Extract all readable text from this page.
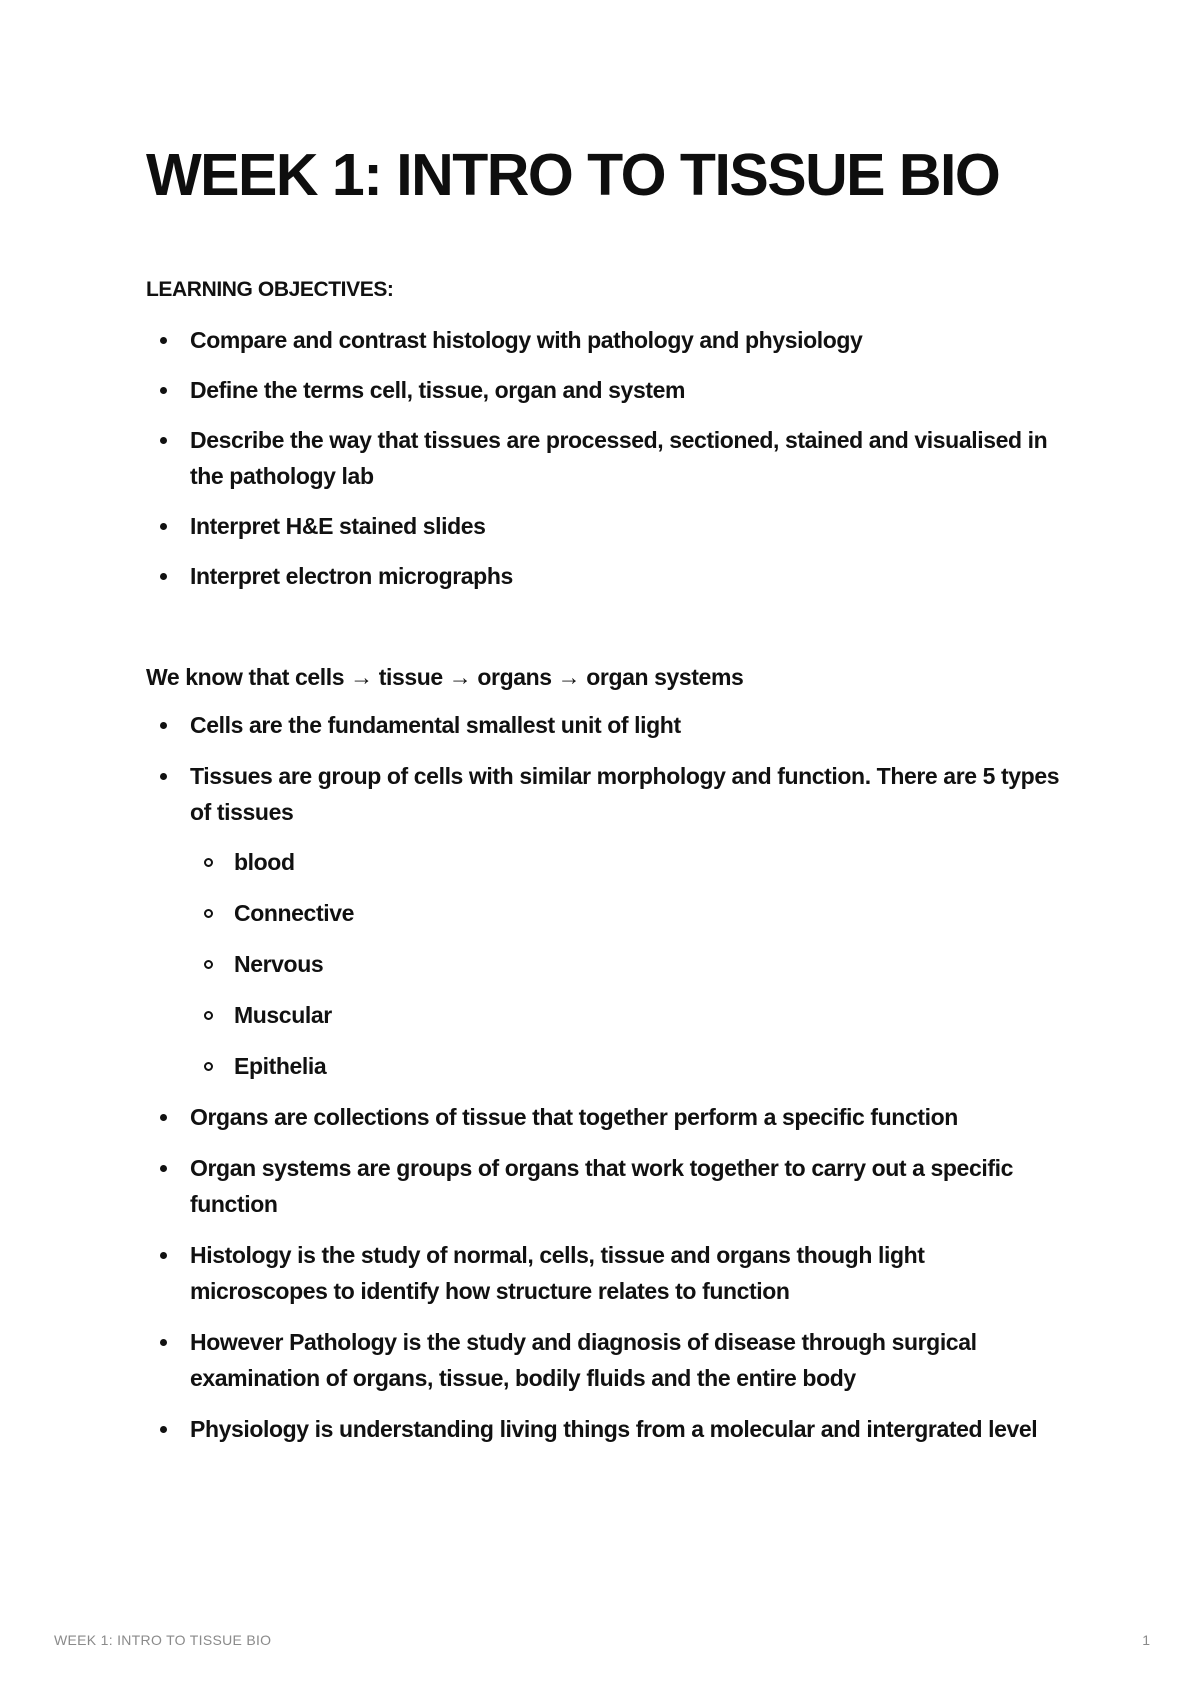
WEEK 1: INTRO TO TISSUE BIO

LEARNING OBJECTIVES:

Compare and contrast histology with pathology and physiology
Define the terms cell, tissue, organ and system
Describe the way that tissues are processed, sectioned, stained and visualised in the pathology lab
Interpret H&E stained slides
Interpret electron micrographs

We know that cells → tissue → organs → organ systems

Cells are the fundamental smallest unit of light
Tissues are group of cells with similar morphology and function. There are 5 types of tissues
blood
Connective
Nervous
Muscular
Epithelia
Organs are collections of tissue that together perform a specific function
Organ systems are groups of organs that work together to carry out a specific function
Histology is the study of normal, cells, tissue and organs though light microscopes to identify how structure relates to function
However Pathology is the study and diagnosis of disease through surgical examination of organs, tissue, bodily fluids and the entire body
Physiology is understanding living things from a molecular and intergrated level
WEEK 1: INTRO TO TISSUE BIO	1
